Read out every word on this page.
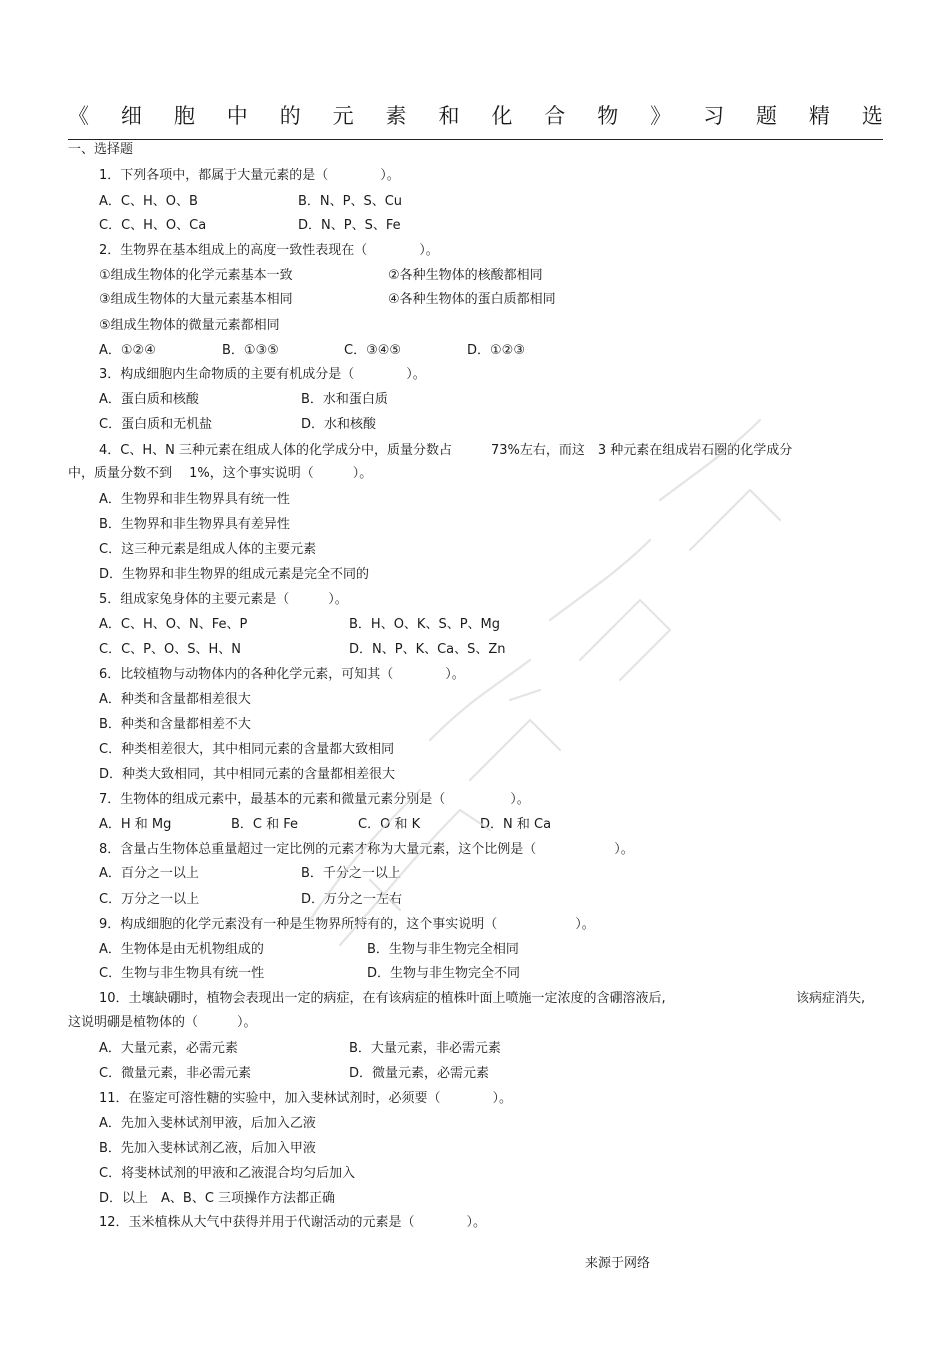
《 细 胞 中 的 元 素 和 化 合 物 》 习 题 精 选
一、选择题
1．下列各项中，都属于大量元素的是（　　　　）。
A．C、H、O、B	B．N、P、S、Cu
C．C、H、O、Ca	D．N、P、S、Fe
2．生物界在基本组成上的高度一致性表现在（　　　　）。
①组成生物体的化学元素基本一致	②各种生物体的核酸都相同
③组成生物体的大量元素基本相同	④各种生物体的蛋白质都相同
⑤组成生物体的微量元素都相同
A．①②④	B．①③⑤	C．③④⑤	D．①②③
3．构成细胞内生命物质的主要有机成分是（　　　　）。
A．蛋白质和核酸	B．水和蛋白质
C．蛋白质和无机盐	D．水和核酸
4．C、H、N 三种元素在组成人体的化学成分中，质量分数占　　　73%左右，而这　3 种元素在组成岩石圈的化学成分
中，质量分数不到　 1%，这个事实说明（　　　）。
A．生物界和非生物界具有统一性
B．生物界和非生物界具有差异性
C．这三种元素是组成人体的主要元素
D．生物界和非生物界的组成元素是完全不同的
5．组成家兔身体的主要元素是（　　　）。
A．C、H、O、N、Fe、P	B．H、O、K、S、P、Mg
C．C、P、O、S、H、N	D．N、P、K、Ca、S、Zn
6．比较植物与动物体内的各种化学元素，可知其（　　　　）。
A．种类和含量都相差很大
B．种类和含量都相差不大
C．种类相差很大，其中相同元素的含量都大致相同
D．种类大致相同，其中相同元素的含量都相差很大
7．生物体的组成元素中，最基本的元素和微量元素分别是（　　　　　）。
A．H 和 Mg	B．C 和 Fe	C．O 和 K	D．N 和 Ca
8．含量占生物体总重量超过一定比例的元素才称为大量元素，这个比例是（　　　　　　）。
A．百分之一以上	B．千分之一以上
C．万分之一以上	D．万分之一左右
9．构成细胞的化学元素没有一种是生物界所特有的，这个事实说明（　　　　　　）。
A．生物体是由无机物组成的	B．生物与非生物完全相同
C．生物与非生物具有统一性	D．生物与非生物完全不同
10．土壤缺硼时，植物会表现出一定的病症，在有该病症的植株叶面上喷施一定浓度的含硼溶液后,	该病症消失,
这说明硼是植物体的（　　　）。
A．大量元素，必需元素	B．大量元素，非必需元素
C．微量元素，非必需元素	D．微量元素，必需元素
11．在鉴定可溶性糖的实验中，加入斐林试剂时，必须要（　　　　）。
A．先加入斐林试剂甲液，后加入乙液
B．先加入斐林试剂乙液，后加入甲液
C．将斐林试剂的甲液和乙液混合均匀后加入
D．以上　A、B、C 三项操作方法都正确
12．玉米植株从大气中获得并用于代谢活动的元素是（　　　　）。
来源于网络
